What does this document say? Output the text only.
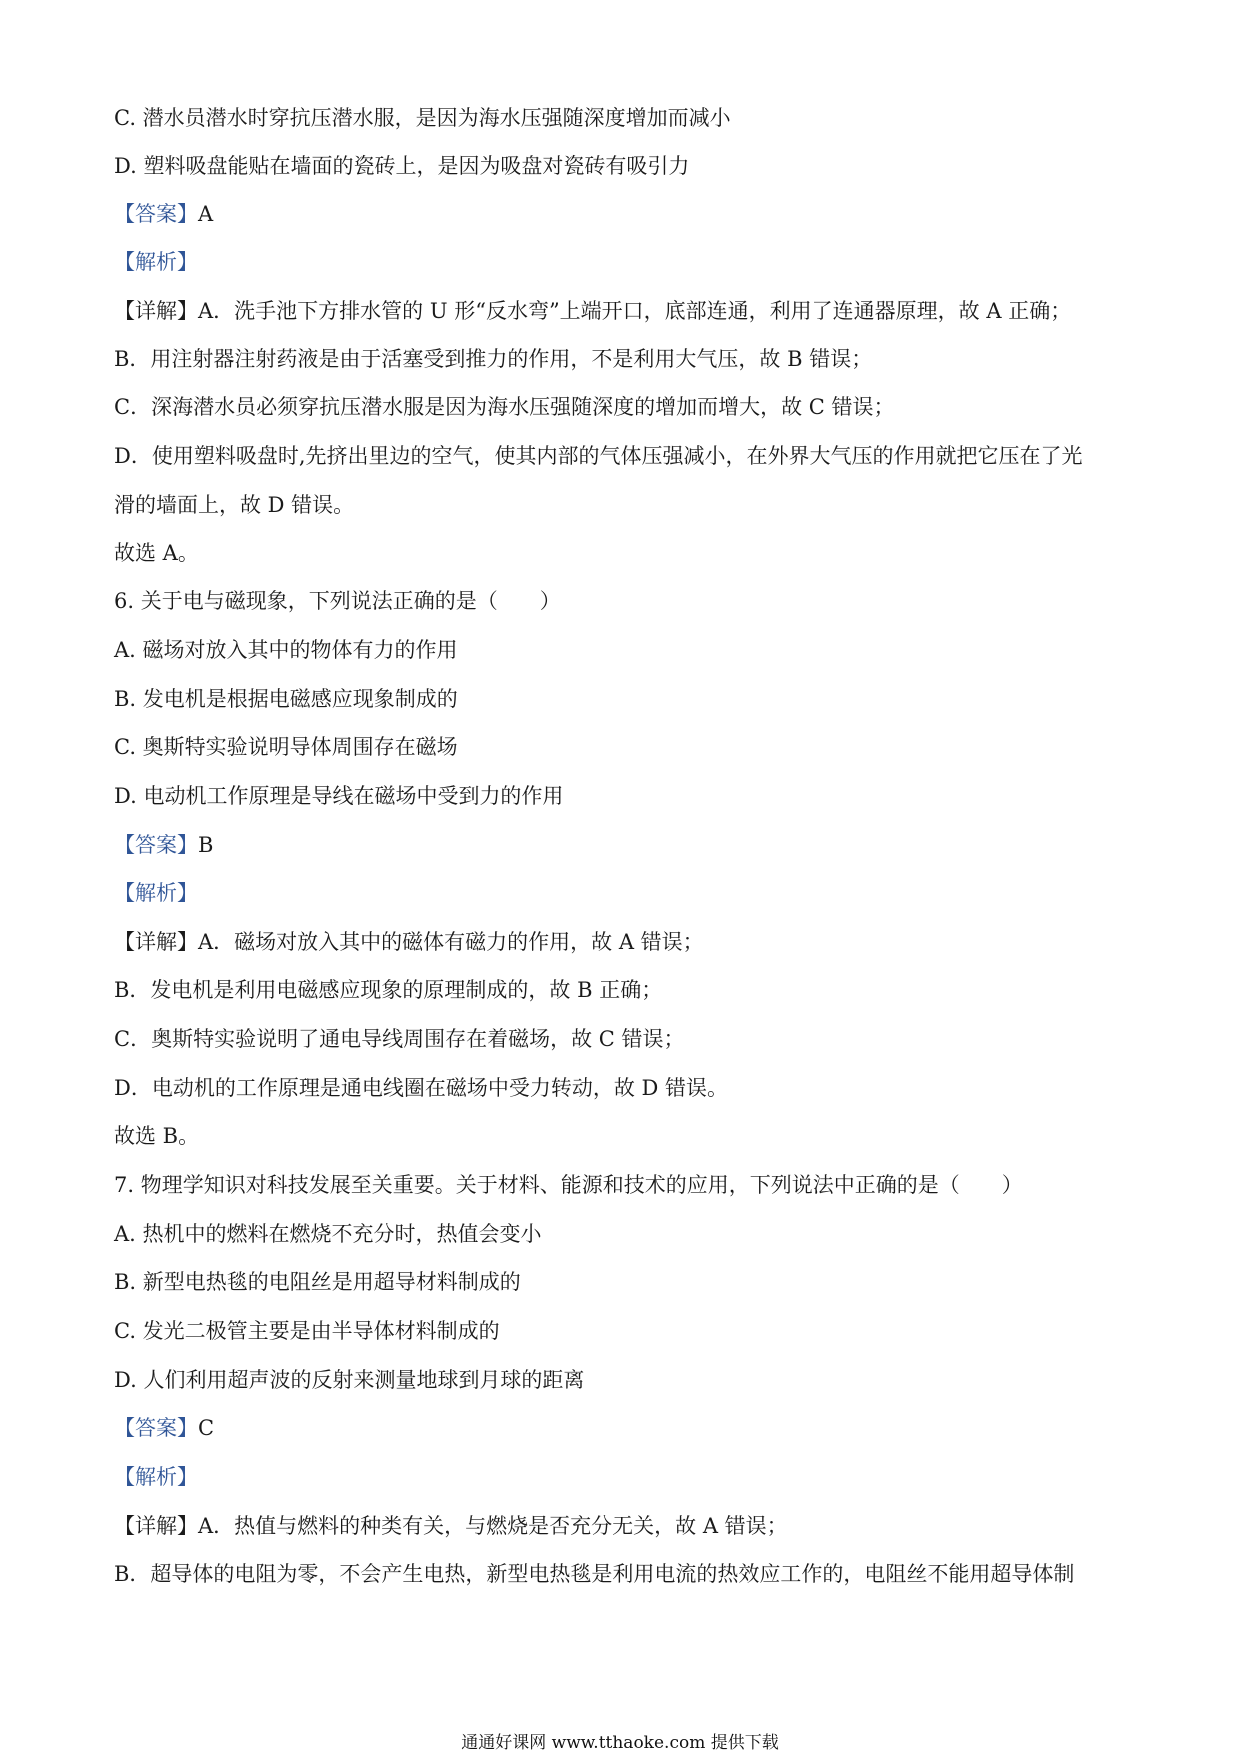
C. 潜水员潜水时穿抗压潜水服，是因为海水压强随深度增加而减小
D. 塑料吸盘能贴在墙面的瓷砖上，是因为吸盘对瓷砖有吸引力
【答案】A
【解析】
【详解】A．洗手池下方排水管的 U 形“反水弯”上端开口，底部连通，利用了连通器原理，故 A 正确；
B．用注射器注射药液是由于活塞受到推力的作用，不是利用大气压，故 B 错误；
C．深海潜水员必须穿抗压潜水服是因为海水压强随深度的增加而增大，故 C 错误；
D．使用塑料吸盘时,先挤出里边的空气，使其内部的气体压强减小，在外界大气压的作用就把它压在了光
滑的墙面上，故 D 错误。
故选 A。
6. 关于电与磁现象，下列说法正确的是（　　）
A. 磁场对放入其中的物体有力的作用
B. 发电机是根据电磁感应现象制成的
C. 奥斯特实验说明导体周围存在磁场
D. 电动机工作原理是导线在磁场中受到力的作用
【答案】B
【解析】
【详解】A．磁场对放入其中的磁体有磁力的作用，故 A 错误；
B．发电机是利用电磁感应现象的原理制成的，故 B 正确；
C．奥斯特实验说明了通电导线周围存在着磁场，故 C 错误；
D．电动机的工作原理是通电线圈在磁场中受力转动，故 D 错误。
故选 B。
7. 物理学知识对科技发展至关重要。关于材料、能源和技术的应用，下列说法中正确的是（　　）
A. 热机中的燃料在燃烧不充分时，热值会变小
B. 新型电热毯的电阻丝是用超导材料制成的
C. 发光二极管主要是由半导体材料制成的
D. 人们利用超声波的反射来测量地球到月球的距离
【答案】C
【解析】
【详解】A．热值与燃料的种类有关，与燃烧是否充分无关，故 A 错误；
B．超导体的电阻为零，不会产生电热，新型电热毯是利用电流的热效应工作的，电阻丝不能用超导体制
通通好课网 www.tthaoke.com 提供下载
